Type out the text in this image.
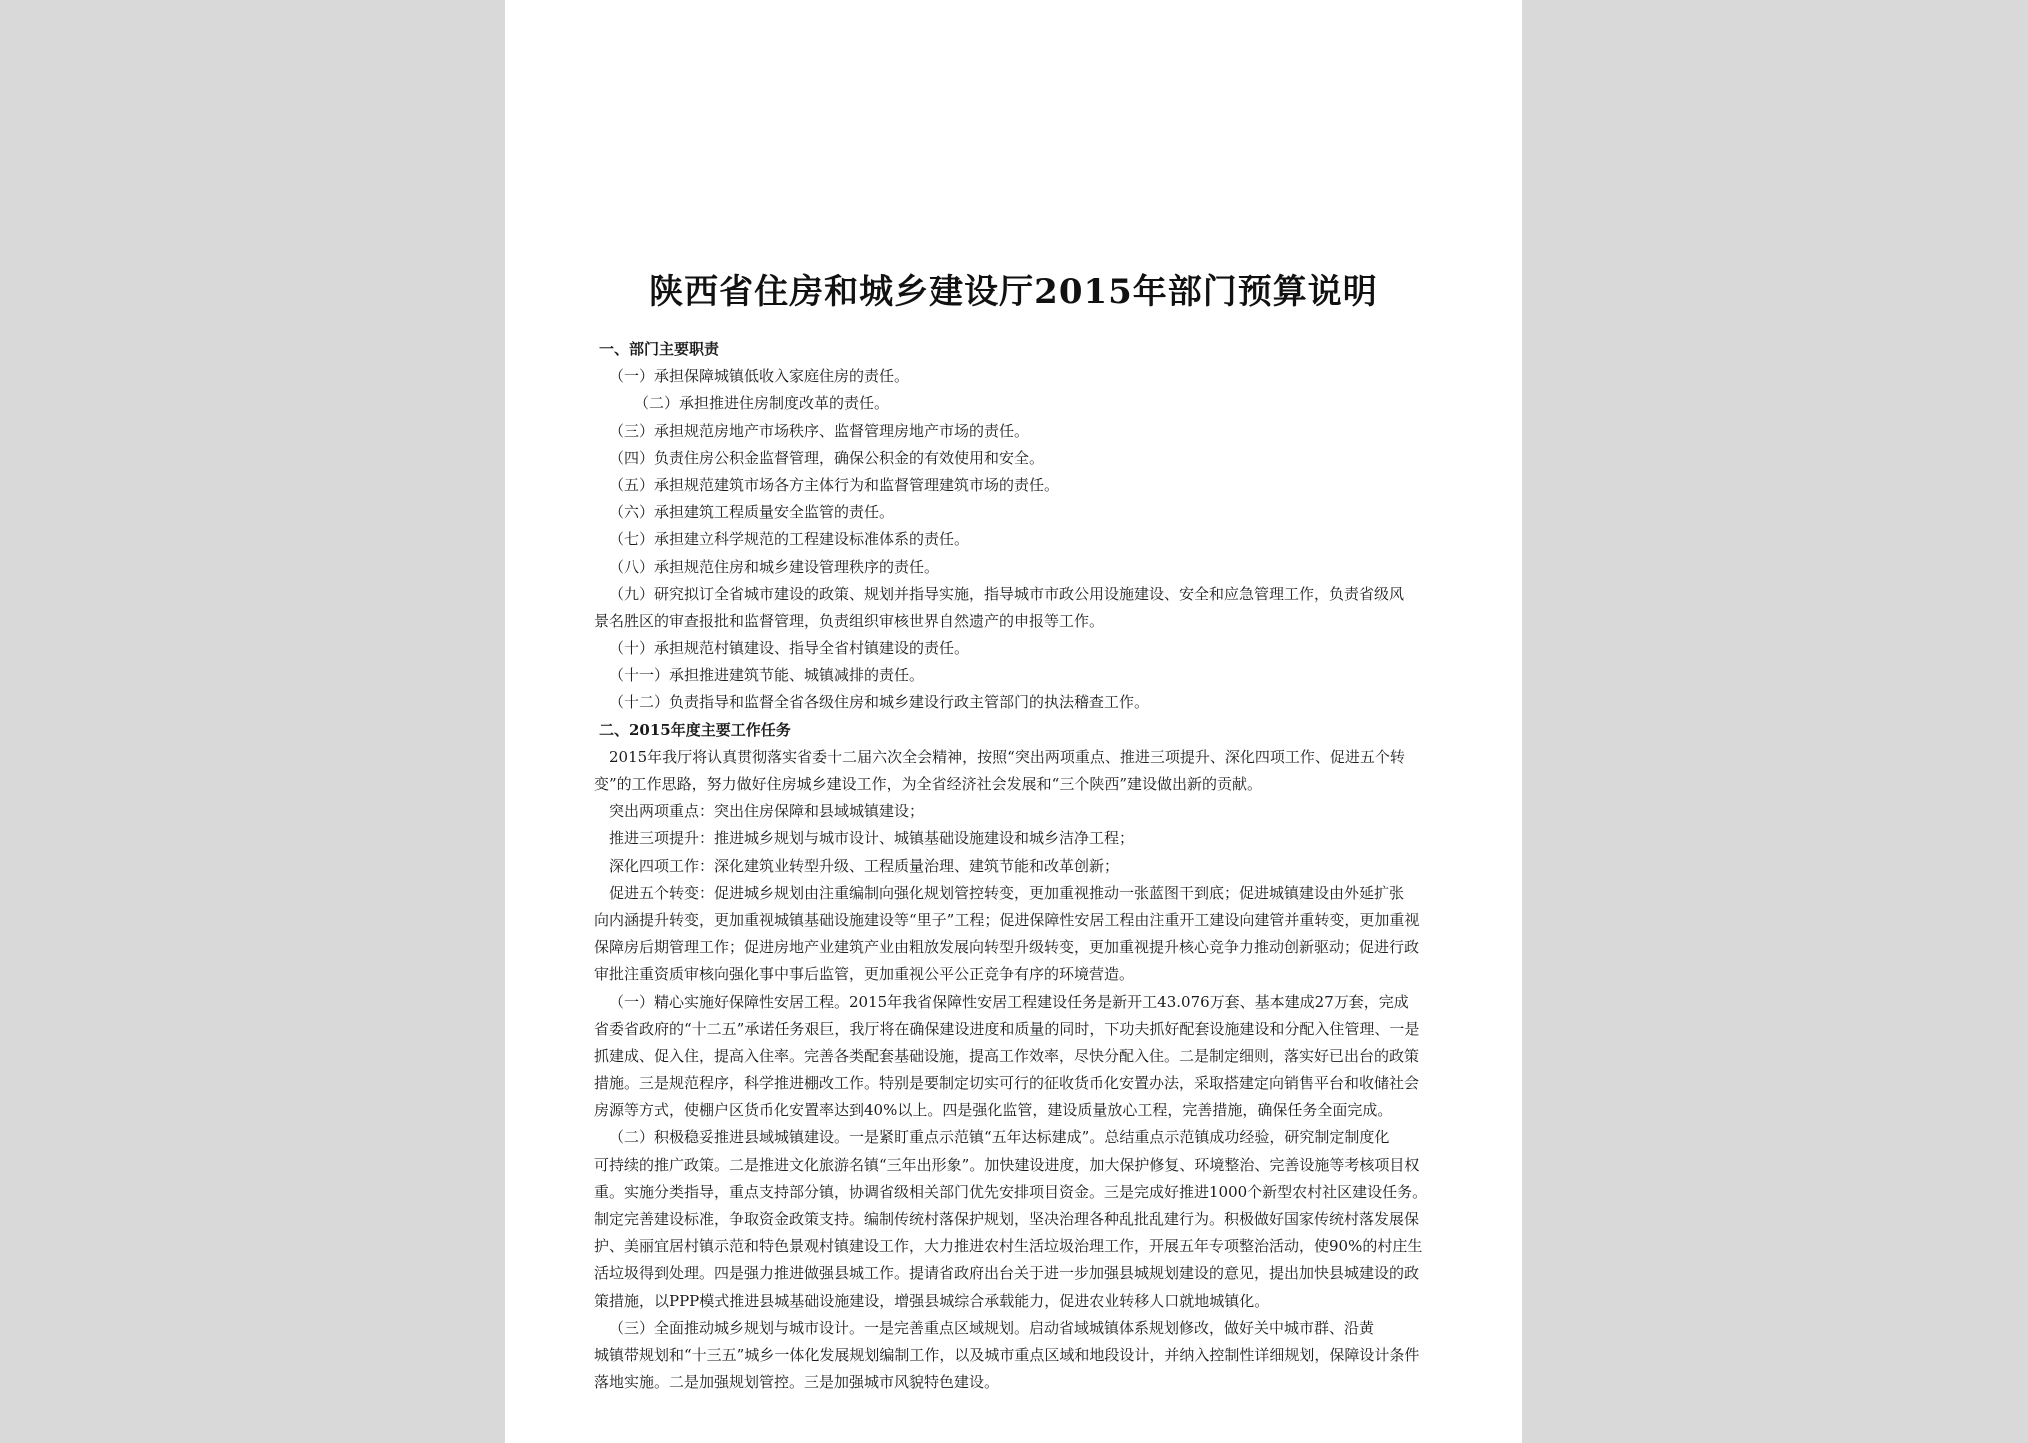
陕西省住房和城乡建设厅2015年部门预算说明
一、部门主要职责
（一）承担保障城镇低收入家庭住房的责任。
（二）承担推进住房制度改革的责任。
（三）承担规范房地产市场秩序、监督管理房地产市场的责任。
（四）负责住房公积金监督管理，确保公积金的有效使用和安全。
（五）承担规范建筑市场各方主体行为和监督管理建筑市场的责任。
（六）承担建筑工程质量安全监管的责任。
（七）承担建立科学规范的工程建设标准体系的责任。
（八）承担规范住房和城乡建设管理秩序的责任。
（九）研究拟订全省城市建设的政策、规划并指导实施，指导城市市政公用设施建设、安全和应急管理工作，负责省级风
景名胜区的审查报批和监督管理，负责组织审核世界自然遗产的申报等工作。
（十）承担规范村镇建设、指导全省村镇建设的责任。
（十一）承担推进建筑节能、城镇减排的责任。
（十二）负责指导和监督全省各级住房和城乡建设行政主管部门的执法稽查工作。
二、2015年度主要工作任务
2015年我厅将认真贯彻落实省委十二届六次全会精神，按照“突出两项重点、推进三项提升、深化四项工作、促进五个转
变”的工作思路，努力做好住房城乡建设工作，为全省经济社会发展和“三个陕西”建设做出新的贡献。
突出两项重点：突出住房保障和县域城镇建设；
推进三项提升：推进城乡规划与城市设计、城镇基础设施建设和城乡洁净工程；
深化四项工作：深化建筑业转型升级、工程质量治理、建筑节能和改革创新；
促进五个转变：促进城乡规划由注重编制向强化规划管控转变，更加重视推动一张蓝图干到底；促进城镇建设由外延扩张
向内涵提升转变，更加重视城镇基础设施建设等“里子”工程；促进保障性安居工程由注重开工建设向建管并重转变，更加重视
保障房后期管理工作；促进房地产业建筑产业由粗放发展向转型升级转变，更加重视提升核心竞争力推动创新驱动；促进行政
审批注重资质审核向强化事中事后监管，更加重视公平公正竞争有序的环境营造。
（一）精心实施好保障性安居工程。2015年我省保障性安居工程建设任务是新开工43.076万套、基本建成27万套，完成
省委省政府的“十二五”承诺任务艰巨，我厅将在确保建设进度和质量的同时，下功夫抓好配套设施建设和分配入住管理、一是
抓建成、促入住，提高入住率。完善各类配套基础设施，提高工作效率，尽快分配入住。二是制定细则，落实好已出台的政策
措施。三是规范程序，科学推进棚改工作。特别是要制定切实可行的征收货币化安置办法，采取搭建定向销售平台和收储社会
房源等方式，使棚户区货币化安置率达到40%以上。四是强化监管，建设质量放心工程，完善措施，确保任务全面完成。
（二）积极稳妥推进县域城镇建设。一是紧盯重点示范镇“五年达标建成”。总结重点示范镇成功经验，研究制定制度化
可持续的推广政策。二是推进文化旅游名镇“三年出形象”。加快建设进度，加大保护修复、环境整治、完善设施等考核项目权
重。实施分类指导，重点支持部分镇，协调省级相关部门优先安排项目资金。三是完成好推进1000个新型农村社区建设任务。
制定完善建设标准，争取资金政策支持。编制传统村落保护规划，坚决治理各种乱批乱建行为。积极做好国家传统村落发展保
护、美丽宜居村镇示范和特色景观村镇建设工作，大力推进农村生活垃圾治理工作，开展五年专项整治活动，使90%的村庄生
活垃圾得到处理。四是强力推进做强县城工作。提请省政府出台关于进一步加强县城规划建设的意见，提出加快县城建设的政
策措施，以PPP模式推进县城基础设施建设，增强县城综合承载能力，促进农业转移人口就地城镇化。
（三）全面推动城乡规划与城市设计。一是完善重点区域规划。启动省域城镇体系规划修改，做好关中城市群、沿黄
城镇带规划和“十三五”城乡一体化发展规划编制工作，以及城市重点区域和地段设计，并纳入控制性详细规划，保障设计条件
落地实施。二是加强规划管控。三是加强城市风貌特色建设。
